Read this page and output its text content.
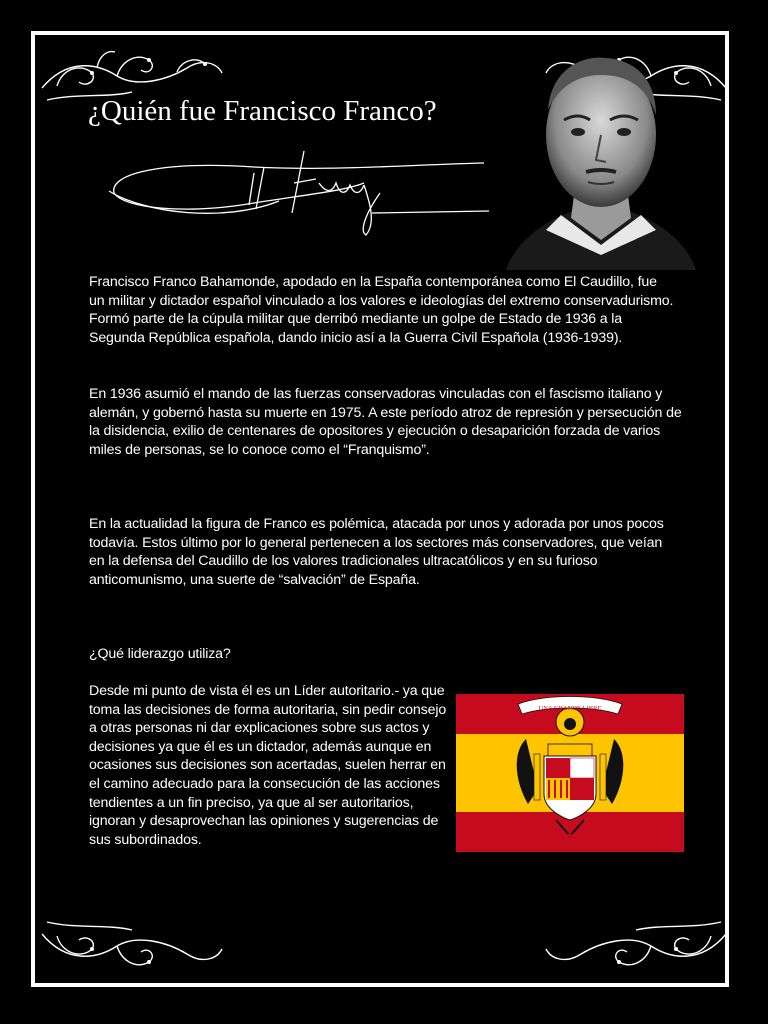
¿Quién fue Francisco Franco?

Francisco Franco Bahamonde, apodado en la España contemporánea como El Caudillo, fue un militar y dictador español vinculado a los valores e ideologías del extremo conservadurismo. Formó parte de la cúpula militar que derribó mediante un golpe de Estado de 1936 a la Segunda República española, dando inicio así a la Guerra Civil Española (1936-1939).

En 1936 asumió el mando de las fuerzas conservadoras vinculadas con el fascismo italiano y alemán, y gobernó hasta su muerte en 1975. A este período atroz de represión y persecución de la disidencia, exilio de centenares de opositores y ejecución o desaparición forzada de varios miles de personas, se lo conoce como el “Franquismo”.

En la actualidad la figura de Franco es polémica, atacada por unos y adorada por unos pocos todavía. Estos último por lo general pertenecen a los sectores más conservadores, que veían en la defensa del Caudillo de los valores tradicionales ultracatólicos y en su furioso anticomunismo, una suerte de “salvación” de España.

¿Qué liderazgo utiliza?

Desde mi punto de vista él es un Líder autoritario.- ya que toma las decisiones de forma autoritaria, sin pedir consejo a otras personas ni dar explicaciones sobre sus actos y decisiones ya que él es un dictador, además aunque en ocasiones sus decisiones son acertadas, suelen herrar en el camino adecuado para la consecución de las acciones tendientes a un fin preciso, ya que al ser autoritarios, ignoran y desaprovechan las opiniones y sugerencias de sus subordinados.

UNA GRANDE LIBRE
